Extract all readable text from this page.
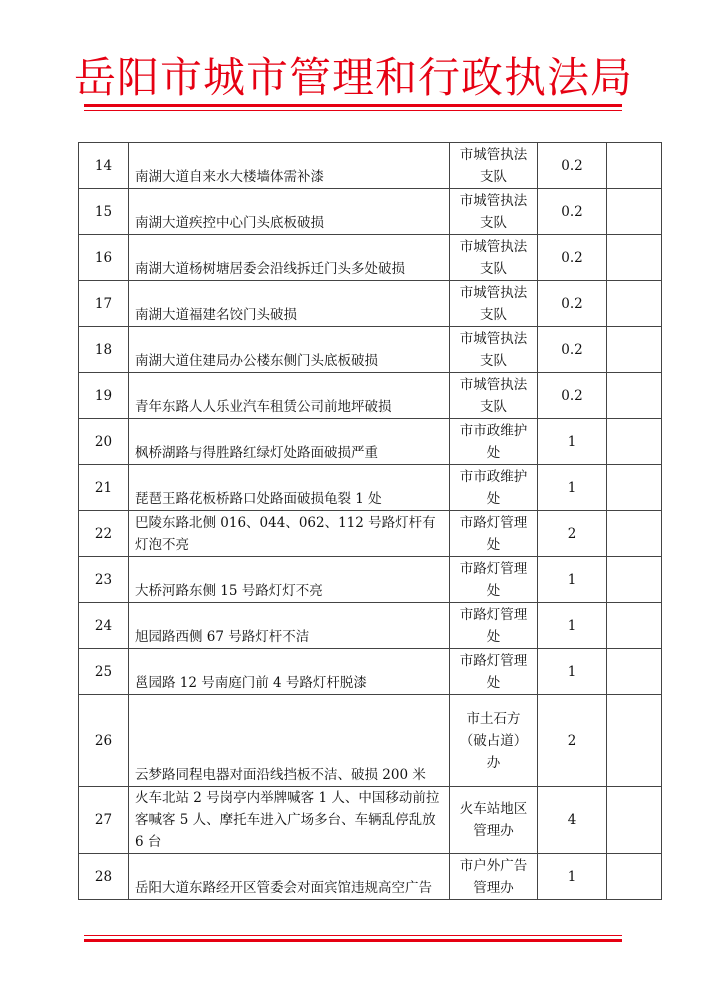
岳阳市城市管理和行政执法局
14	南湖大道自来水大楼墙体需补漆	市城管执法支队	0.2	
15	南湖大道疾控中心门头底板破损	市城管执法支队	0.2	
16	南湖大道杨树塘居委会沿线拆迁门头多处破损	市城管执法支队	0.2	
17	南湖大道福建名饺门头破损	市城管执法支队	0.2	
18	南湖大道住建局办公楼东侧门头底板破损	市城管执法支队	0.2	
19	青年东路人人乐业汽车租赁公司前地坪破损	市城管执法支队	0.2	
20	枫桥湖路与得胜路红绿灯处路面破损严重	市市政维护处	1	
21	琵琶王路花板桥路口处路面破损龟裂 1 处	市市政维护处	1	
22	巴陵东路北侧 016、044、062、112 号路灯杆有灯泡不亮	市路灯管理处	2	
23	大桥河路东侧 15 号路灯灯不亮	市路灯管理处	1	
24	旭园路西侧 67 号路灯杆不洁	市路灯管理处	1	
25	邕园路 12 号南庭门前 4 号路灯杆脱漆	市路灯管理处	1	
26	云梦路同程电器对面沿线挡板不洁、破损 200 米	市土石方（破占道）办	2	
27	火车北站 2 号岗亭内举牌喊客 1 人、中国移动前拉客喊客 5 人、摩托车进入广场多台、车辆乱停乱放 6 台	火车站地区管理办	4	
28	岳阳大道东路经开区管委会对面宾馆违规高空广告	市户外广告管理办	1	
